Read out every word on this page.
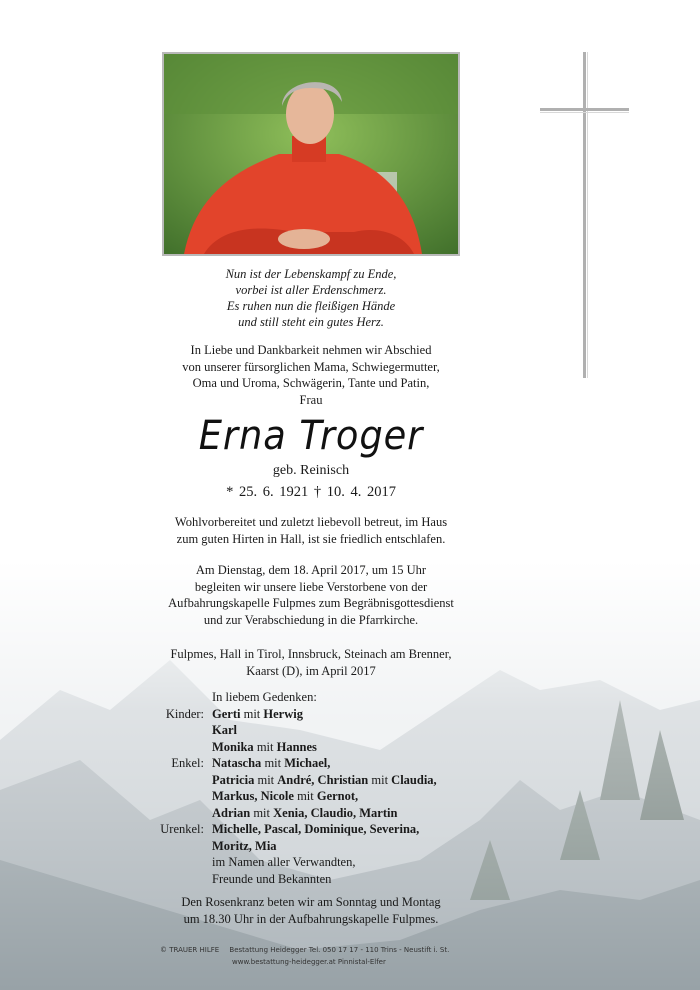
Nun ist der Lebenskampf zu Ende,
vorbei ist aller Erdenschmerz.
Es ruhen nun die fleißigen Hände
und still steht ein gutes Herz.
In Liebe und Dankbarkeit nehmen wir Abschied
von unserer fürsorglichen Mama, Schwiegermutter,
Oma und Uroma, Schwägerin, Tante und Patin,
Frau
Erna Troger
geb. Reinisch
* 25. 6. 1921 † 10. 4. 2017
Wohlvorbereitet und zuletzt liebevoll betreut, im Haus
zum guten Hirten in Hall, ist sie friedlich entschlafen.
Am Dienstag, dem 18. April 2017, um 15 Uhr
begleiten wir unsere liebe Verstorbene von der
Aufbahrungskapelle Fulpmes zum Begräbnisgottesdienst
und zur Verabschiedung in die Pfarrkirche.
Fulpmes, Hall in Tirol, Innsbruck, Steinach am Brenner,
Kaarst (D), im April 2017
In liebem Gedenken:
Kinder: Gerti mit Herwig
Karl
Monika mit Hannes
Enkel: Natascha mit Michael,
Patricia mit André, Christian mit Claudia,
Markus, Nicole mit Gernot,
Adrian mit Xenia, Claudio, Martin
Urenkel: Michelle, Pascal, Dominique, Severina,
Moritz, Mia
im Namen aller Verwandten,
Freunde und Bekannten
Den Rosenkranz beten wir am Sonntag und Montag
um 18.30 Uhr in der Aufbahrungskapelle Fulpmes.
© TRAUER HILFE Bestattung Heidegger Tel. 050 17 17 - 110 Trins - Neustift i. St.
www.bestattung-heidegger.at Pinnistal-Elfer
